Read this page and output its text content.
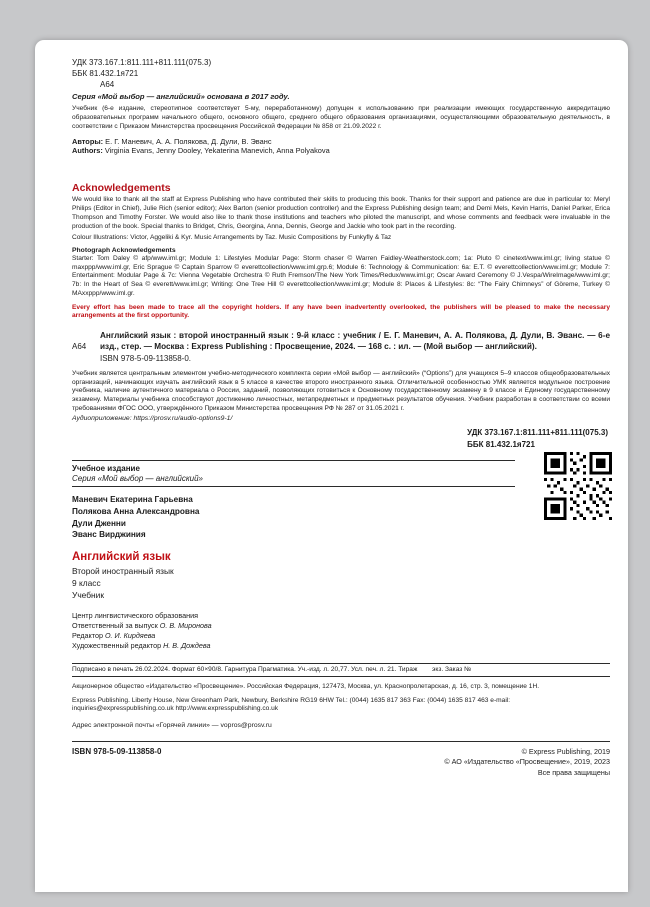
УДК 373.167.1:811.111+811.111(075.3)
ББК 81.432.1я721
А64
Серия «Мой выбор — английский» основана в 2017 году.

Учебник (6-е издание, стереотипное соответствует 5-му, переработанному) допущен к использованию при реализации имеющих государственную аккредитацию образовательных программ начального общего, основного общего, среднего общего образования организациями, осуществляющими образовательную деятельность, в соответствии с Приказом Министерства просвещения Российской Федерации № 858 от 21.09.2022 г.

Авторы: Е. Г. Маневич, А. А. Полякова, Д. Дули, В. Эванс
Authors: Virginia Evans, Jenny Dooley, Yekaterina Manevich, Anna Polyakova
Acknowledgements

We would like to thank all the staff at Express Publishing who have contributed their skills to producing this book. Thanks for their support and patience are due in particular to: Meryl Philips (Editor in Chief), Julie Rich (senior editor); Alex Barton (senior production controller) and the Express Publishing design team; and Demi Mels, Kevin Harris, Daniel Parker, Erica Thompson and Timothy Forster. We would also like to thank those institutions and teachers who piloted the manuscript, and whose comments and feedback were invaluable in the production of the book. Special thanks to Bridget, Chris, Georgina, Anna, Dennis, George and Jackie who took part in the recording.

Colour Illustrations: Victor, Aggeliki & Kyr. Music Arrangements by Taz. Music Compositions by Funkyfly & Taz

Photograph Acknowledgements

Starter: Tom Daley © afp/www.iml.gr; Module 1: Lifestyles Modular Page: Storm chaser © Warren Faidley-Weatherstock.com; 1a: Pluto © cinetext/www.iml.gr; living statue © maxppp/www.iml.gr, Eric Sprague © Captain Sparrow © everettcollection/www.iml.grp.6; Module 6: Technology & Communication: 6a: E.T. © everettcollection/www.iml.gr; Module 7: Entertainment: Modular Page & 7c: Vienna Vegetable Orchestra © Ruth Fremson/The New York Times/Redux/www.iml.gr; Oscar Award Ceremony © J.Vespa/WireImage/www.iml.gr; 7b: In the Heart of Sea © everett/www.iml.gr; Writing: One Tree Hill © everettcollection/www.iml.gr; Module 8: Places & Lifestyles: 8c: “The Fairy Chimneys” of Göreme, Turkey © MAxxppp/www.iml.gr.

Every effort has been made to trace all the copyright holders. If any have been inadvertently overlooked, the publishers will be pleased to make the necessary arrangements at the first opportunity.

А64
Английский язык : второй иностранный язык : 9-й класс : учебник / Е. Г. Маневич, А. А. Полякова, Д. Дули, В. Эванс. — 6-е изд., стер. — Москва : Express Publishing : Просвещение, 2024. — 168 с. : ил. — (Мой выбор — английский).
ISBN 978-5-09-113858-0.

Учебник является центральным элементом учебно-методического комплекта серии «Мой выбор — английский» (“Options”) для учащихся 5–9 классов общеобразовательных организаций, начинающих изучать английский язык в 5 классе в качестве второго иностранного языка. Отличительной особенностью УМК является модульное построение учебника, наличие аутентичного материала о России, заданий, позволяющих готовиться к Основному государственному экзамену в 9 классе и Единому государственному экзамену. Материалы учебника способствуют достижению личностных, метапредметных и предметных результатов обучения. Учебник разработан в соответствии со всеми требованиями ФГОС ООО, утверждённого Приказом Министерства просвещения РФ № 287 от 31.05.2021 г.

Аудиоприложение: https://prosv.ru/audio-options9-1/
УДК 373.167.1:811.111+811.111(075.3)
ББК 81.432.1я721
Учебное издание
Серия «Мой выбор — английский»
Маневич Екатерина Гарьевна
Полякова Анна Александровна
Дули Дженни
Эванс Вирджиния
Английский язык
Второй иностранный язык
9 класс
Учебник
Центр лингвистического образования
Ответственный за выпуск О. В. Миронова
Редактор О. И. Кирдяева
Художественный редактор Н. В. Дождева
Подписано в печать 26.02.2024. Формат 60×90/8. Гарнитура Прагматика. Уч.-изд. л. 20,77. Усл. печ. л. 21. Тираж        экз. Заказ №

Акционерное общество «Издательство «Просвещение». Российская Федерация, 127473, Москва, ул. Краснопролетарская, д. 16, стр. 3, помещение 1Н.

Express Publishing. Liberty House, New Greenham Park, Newbury, Berkshire RG19 6HW Tel.: (0044) 1635 817 363 Fax: (0044) 1635 817 463 e-mail: inquiries@expresspublishing.co.uk http://www.expresspublishing.co.uk

Адрес электронной почты «Горячей линии» — vopros@prosv.ru
ISBN 978-5-09-113858-0	© Express Publishing, 2019
© АО «Издательство «Просвещение», 2019, 2023
Все права защищены
